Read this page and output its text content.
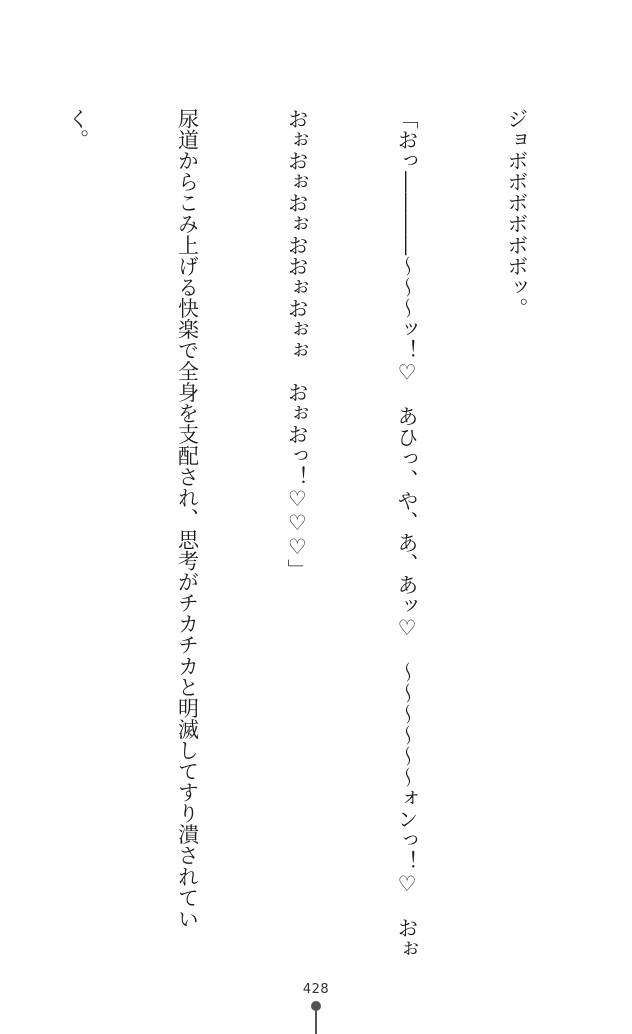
ジョボボボボボボッ。

「おっ――――～～～ッ！♡　あひっ、や、あ、あッ♡　～～～～～～ォンっ！♡　おぉ

おぉおぉおぉおおぉおぉぉ　おぉおっ！♡♡♡」

尿道からこみ上げる快楽で全身を支配され、思考がチカチカと明滅してすり潰されてい

く。

428
